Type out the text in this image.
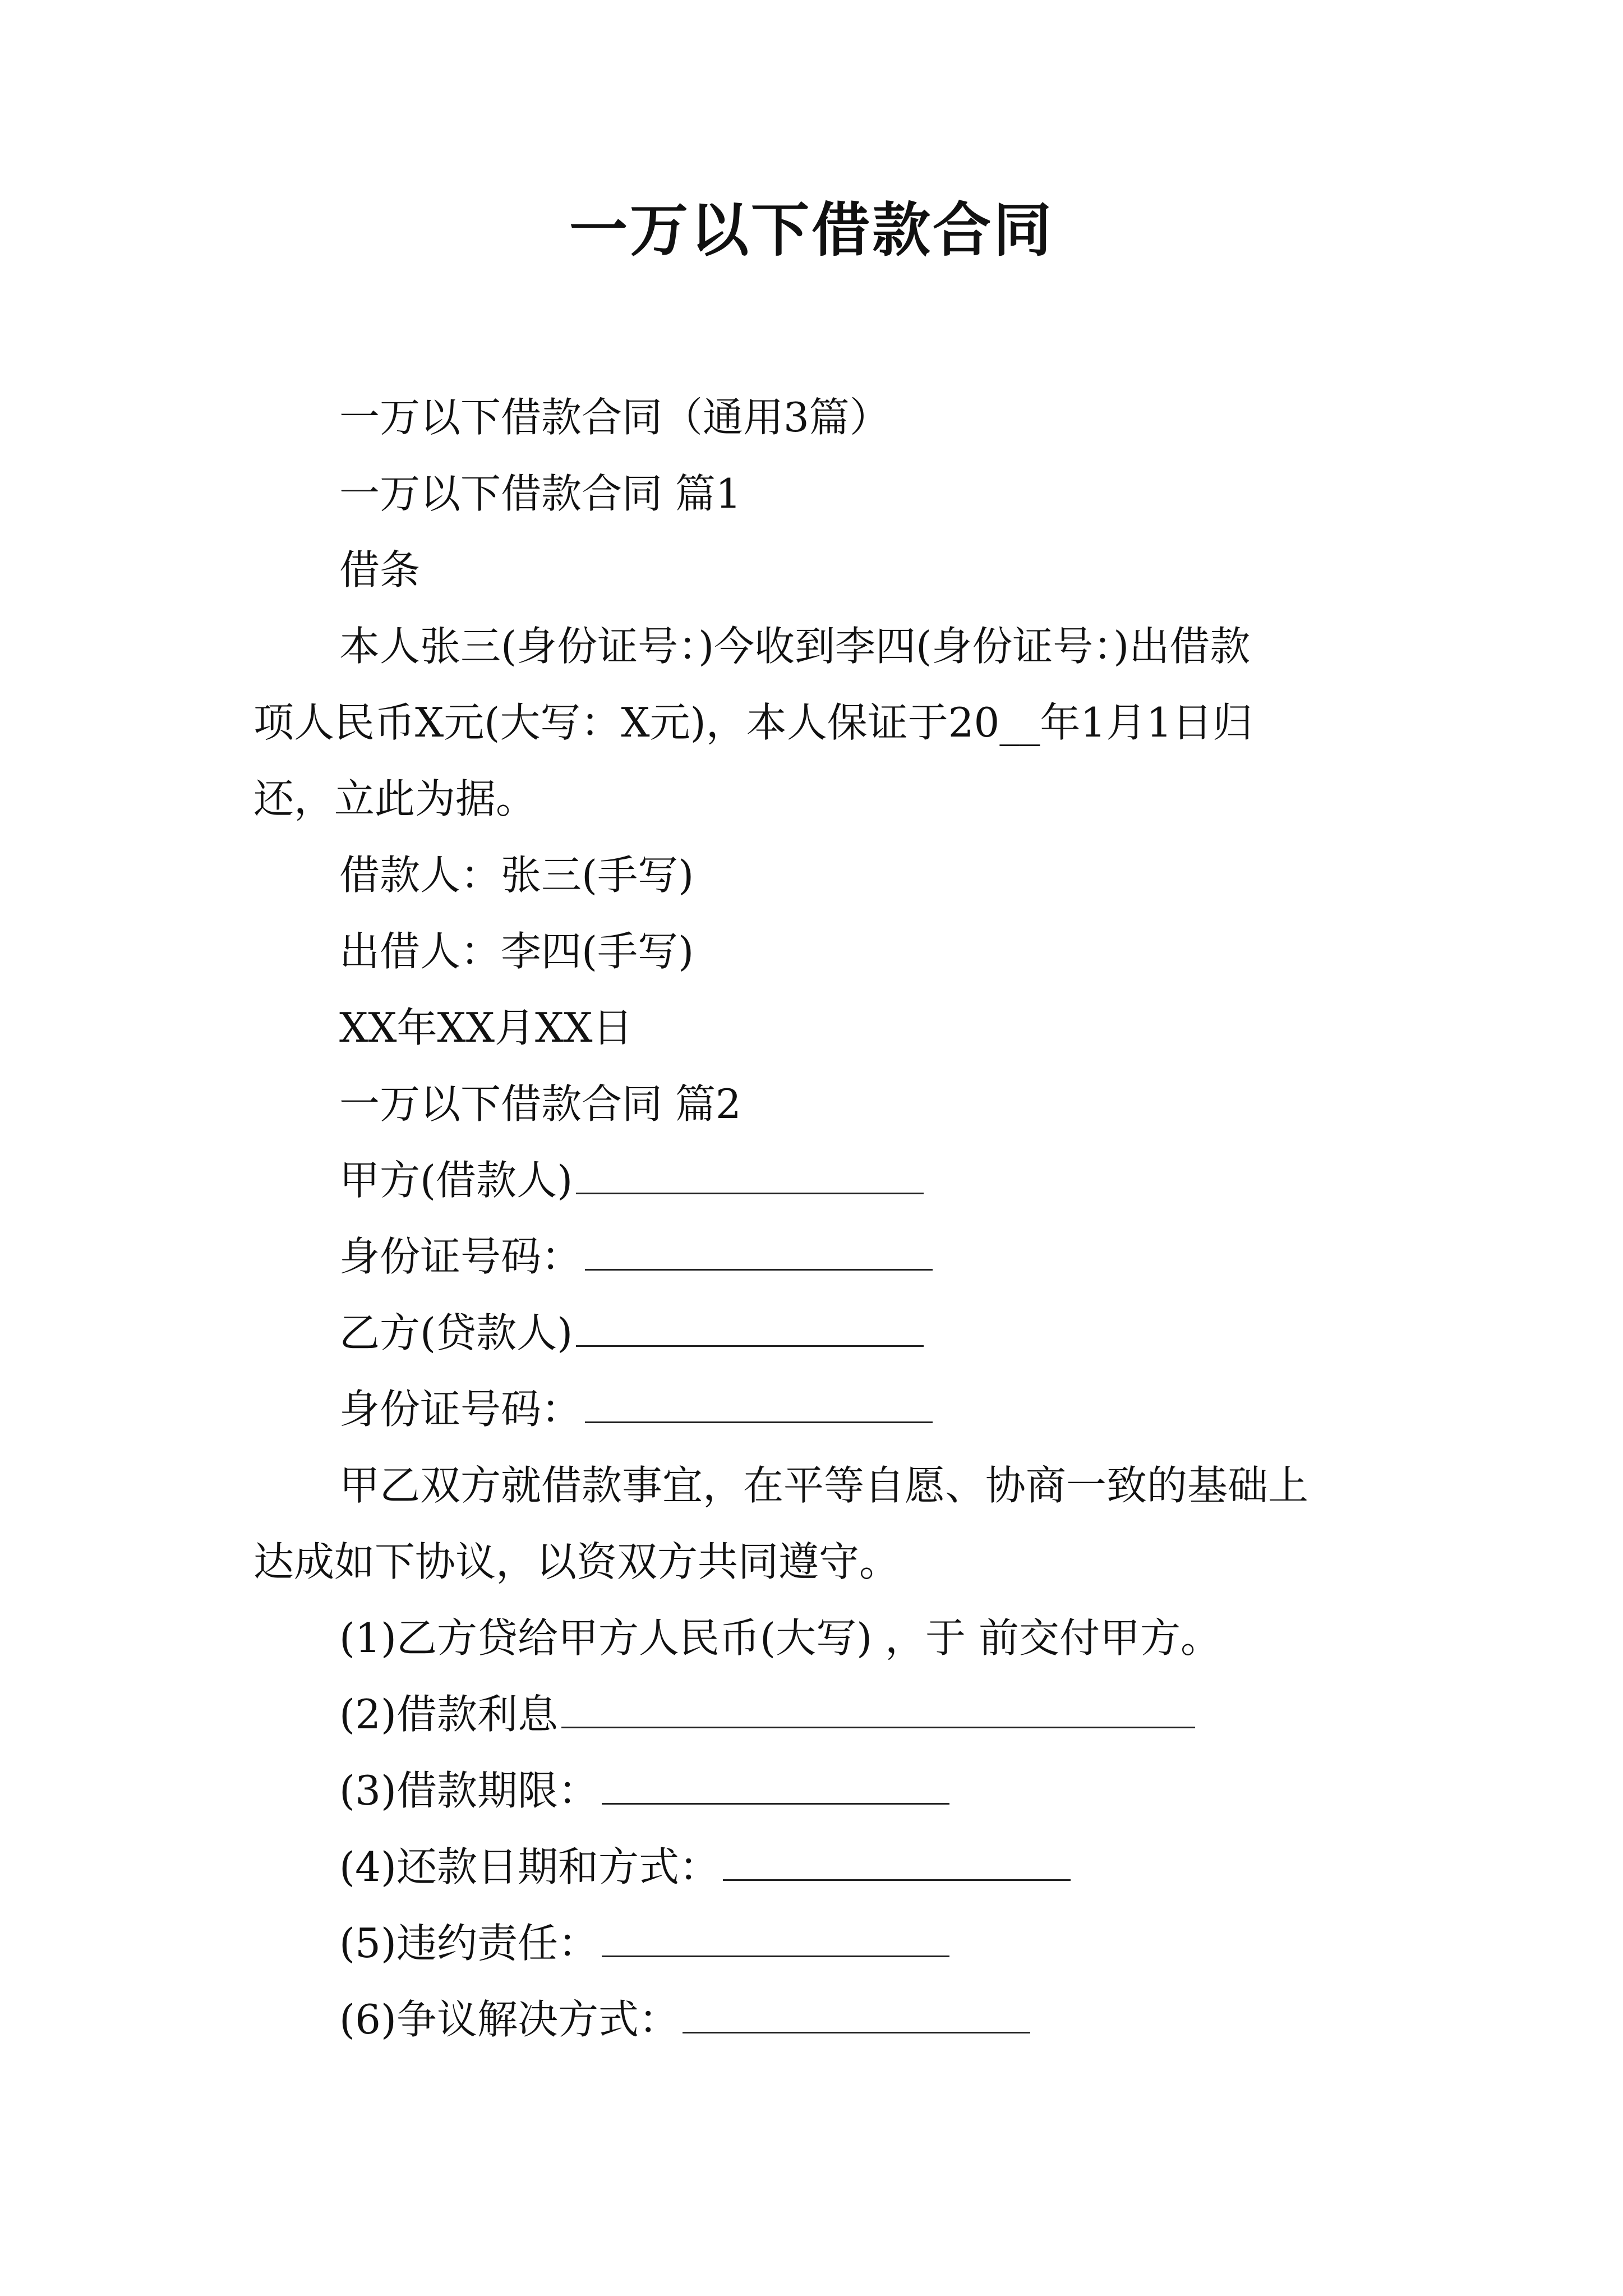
一万以下借款合同

一万以下借款合同（通用3篇）

一万以下借款合同 篇1

借条

本人张三(身份证号：)今收到李四(身份证号：)出借款

项人民币X元(大写：X元)，本人保证于20__年1月1日归

还，立此为据。

借款人：张三(手写)

出借人：李四(手写)

XX年XX月XX日

一万以下借款合同 篇2

甲方(借款人)

身份证号码：

乙方(贷款人)

身份证号码：

甲乙双方就借款事宜，在平等自愿、协商一致的基础上

达成如下协议，以资双方共同遵守。

(1)乙方贷给甲方人民币(大写) ，于 前交付甲方。

(2)借款利息

(3)借款期限：

(4)还款日期和方式：

(5)违约责任：

(6)争议解决方式：
